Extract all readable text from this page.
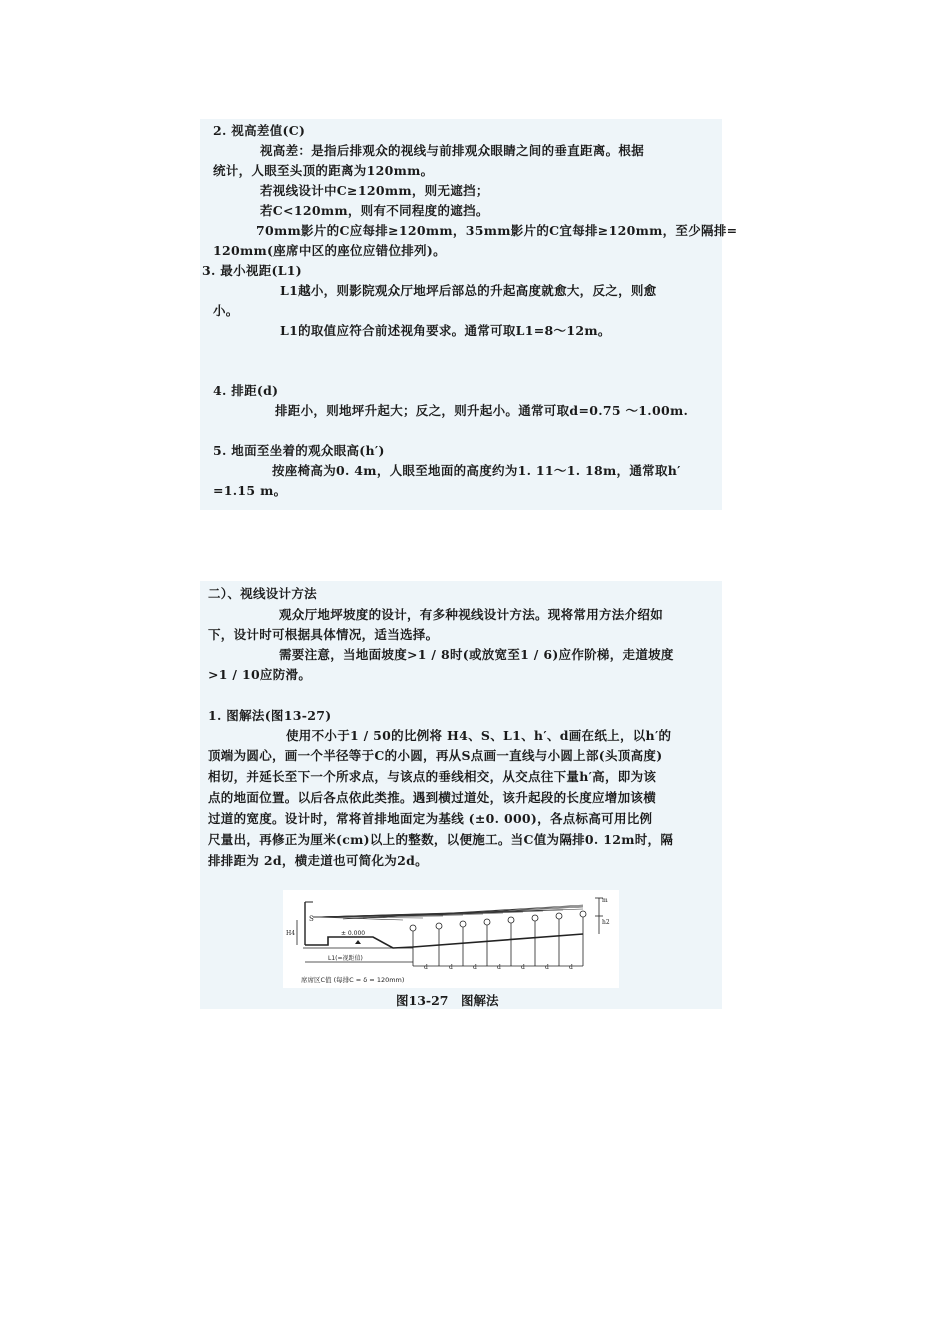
2. 视高差值(C)
视高差：是指后排观众的视线与前排观众眼睛之间的垂直距离。根据
统计，人眼至头顶的距离为120mm。
若视线设计中C≥120mm，则无遮挡；
若C<120mm，则有不同程度的遮挡。
70mm影片的C应每排≥120mm，35mm影片的C宜每排≥120mm，至少隔排=
120mm(座席中区的座位应错位排列)。
3. 最小视距(L1)
L1越小，则影院观众厅地坪后部总的升起高度就愈大，反之，则愈
小。
L1的取值应符合前述视角要求。通常可取L1=8～12m。
4. 排距(d)
排距小，则地坪升起大；反之，则升起小。通常可取d=0.75 ～1.00m.
5. 地面至坐着的观众眼高(h′)
按座椅高为0. 4m，人眼至地面的高度约为1. 11～1. 18m，通常取h′
=1.15 m。
二）、视线设计方法
观众厅地坪坡度的设计，有多种视线设计方法。现将常用方法介绍如
下，设计时可根据具体情况，适当选择。
需要注意，当地面坡度>1 / 8时(或放宽至1 / 6)应作阶梯，走道坡度
>1 / 10应防滑。
1. 图解法(图13-27)
使用不小于1 / 50的比例将 H4、S、L1、h′、d画在纸上，以h′的
顶端为圆心，画一个半径等于C的小圆，再从S点画一直线与小圆上部(头顶高度)
相切，并延长至下一个所求点，与该点的垂线相交，从交点往下量h′高，即为该
点的地面位置。以后各点依此类推。遇到横过道处，该升起段的长度应增加该横
过道的宽度。设计时，常将首排地面定为基线 (±0. 000)，各点标高可用比例
尺量出，再修正为厘米(cm)以上的整数，以便施工。当C值为隔排0. 12m时，隔
排排距为 2d，横走道也可简化为2d。
S
H4	± 0.000
L1(=视距值)
m
h2
d	d	d	d	d	d	d
席席区C值 (每排C = δ = 120mm)
图13-27　图解法
